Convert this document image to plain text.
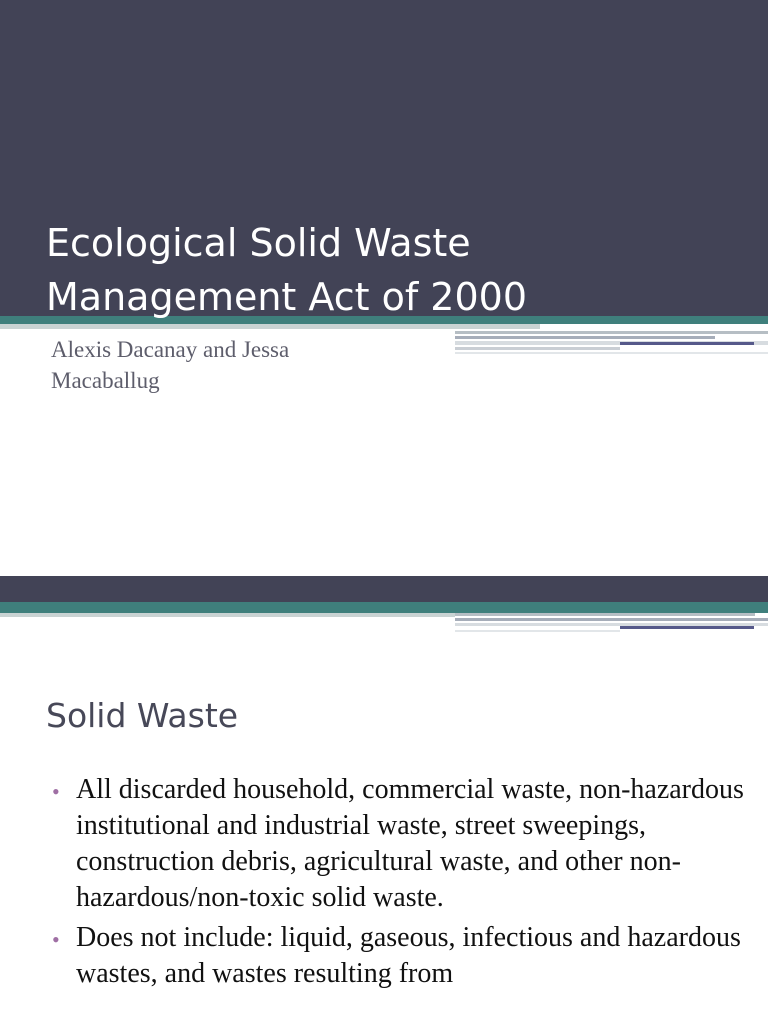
Ecological Solid Waste
Management Act of 2000

Alexis Dacanay and Jessa
Macaballug

Solid Waste
• All discarded household, commercial waste, non-hazardous institutional and industrial waste, street sweepings, construction debris, agricultural waste, and other non-hazardous/non-toxic solid waste.
• Does not include: liquid, gaseous, infectious and hazardous wastes, and wastes resulting from
